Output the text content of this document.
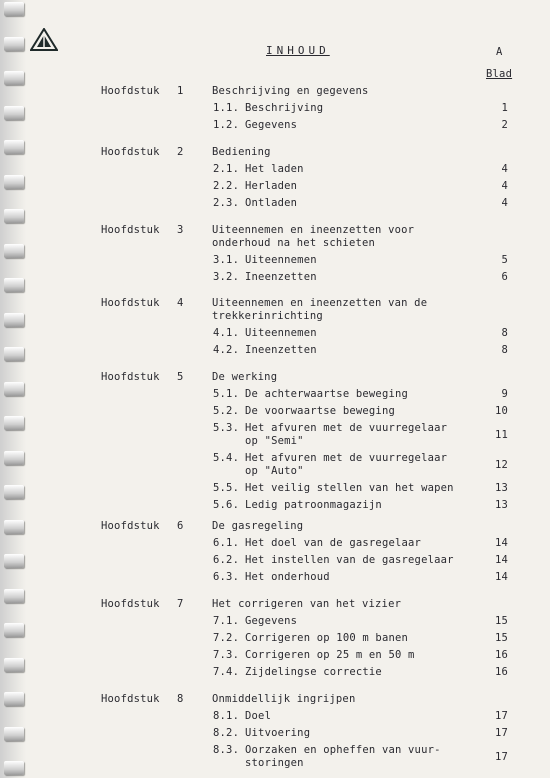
INHOUD	A
Blad
Hoofdstuk 1	Beschrijving en gegevens
1.1. Beschrijving	1
1.2. Gegevens	2
Hoofdstuk 2	Bediening
2.1. Het laden	4
2.2. Herladen	4
2.3. Ontladen	4
Hoofdstuk 3	Uiteennemen en ineenzetten voor
onderhoud na het schieten
3.1. Uiteennemen	5
3.2. Ineenzetten	6
Hoofdstuk 4	Uiteennemen en ineenzetten van de
trekkerinrichting
4.1. Uiteennemen	8
4.2. Ineenzetten	8
Hoofdstuk 5	De werking
5.1. De achterwaartse beweging	9
5.2. De voorwaartse beweging	10
5.3. Het afvuren met de vuurregelaar
op "Semi"	11
5.4. Het afvuren met de vuurregelaar
op "Auto"	12
5.5. Het veilig stellen van het wapen	13
5.6. Ledig patroonmagazijn	13
Hoofdstuk 6	De gasregeling
6.1. Het doel van de gasregelaar	14
6.2. Het instellen van de gasregelaar	14
6.3. Het onderhoud	14
Hoofdstuk 7	Het corrigeren van het vizier
7.1. Gegevens	15
7.2. Corrigeren op 100 m banen	15
7.3. Corrigeren op 25 m en 50 m	16
7.4. Zijdelingse correctie	16
Hoofdstuk 8	Onmiddellijk ingrijpen
8.1. Doel	17
8.2. Uitvoering	17
8.3. Oorzaken en opheffen van vuur-
storingen	17
